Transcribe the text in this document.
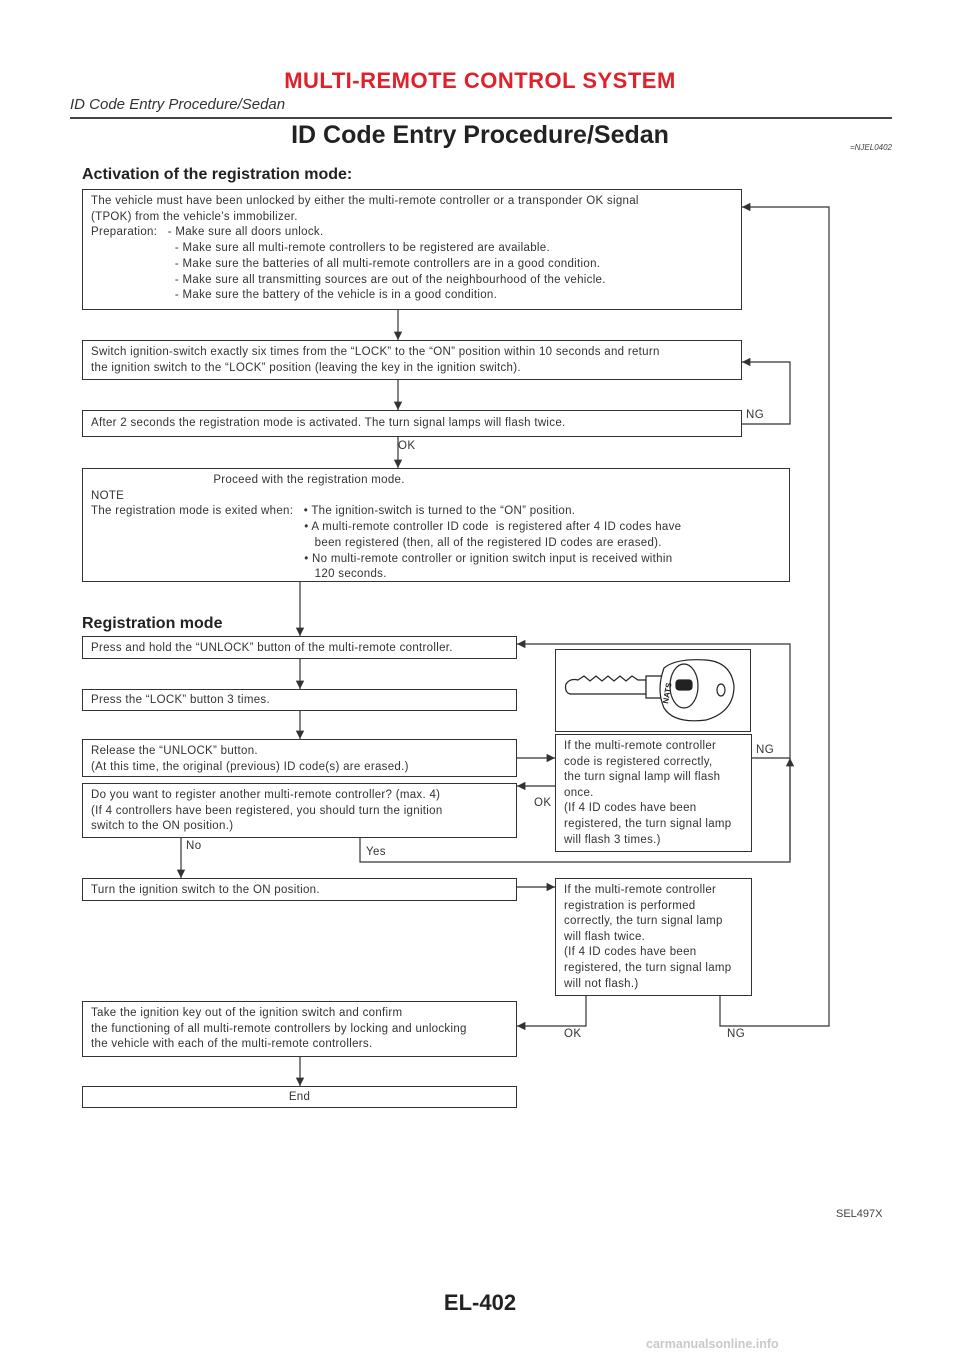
MULTI-REMOTE CONTROL SYSTEM
ID Code Entry Procedure/Sedan
ID Code Entry Procedure/Sedan	=NJEL0402
Activation of the registration mode:
Registration mode
The vehicle must have been unlocked by either the multi-remote controller or a transponder OK signal
(TPOK) from the vehicle’s immobilizer.
Preparation:   - Make sure all doors unlock.
- Make sure all multi-remote controllers to be registered are available.
- Make sure the batteries of all multi-remote controllers are in a good condition.
- Make sure all transmitting sources are out of the neighbourhood of the vehicle.
- Make sure the battery of the vehicle is in a good condition.
Switch ignition-switch exactly six times from the “LOCK” to the “ON” position within 10 seconds and return
the ignition switch to the “LOCK” position (leaving the key in the ignition switch).
After 2 seconds the registration mode is activated. The turn signal lamps will flash twice.
NG
OK
Proceed with the registration mode.
NOTE
The registration mode is exited when:   • The ignition-switch is turned to the “ON” position.
• A multi-remote controller ID code  is registered after 4 ID codes have
been registered (then, all of the registered ID codes are erased).
• No multi-remote controller or ignition switch input is received within
120 seconds.
Press and hold the “UNLOCK” button of the multi-remote controller.
Press the “LOCK” button 3 times.
Release the “UNLOCK” button.
(At this time, the original (previous) ID code(s) are erased.)
Do you want to register another multi-remote controller? (max. 4)
(If 4 controllers have been registered, you should turn the ignition
switch to the ON position.)
No	Yes
OK
NG
NATS
If the multi-remote controller
code is registered correctly,
the turn signal lamp will flash
once.
(If 4 ID codes have been
registered, the turn signal lamp
will flash 3 times.)
Turn the ignition switch to the ON position.	If the multi-remote controller
registration is performed
correctly, the turn signal lamp
will flash twice.
(If 4 ID codes have been
registered, the turn signal lamp
will not flash.)
Take the ignition key out of the ignition switch and confirm
the functioning of all multi-remote controllers by locking and unlocking
the vehicle with each of the multi-remote controllers.
OK	NG
End
SEL497X
EL-402
carmanualsonline.info
